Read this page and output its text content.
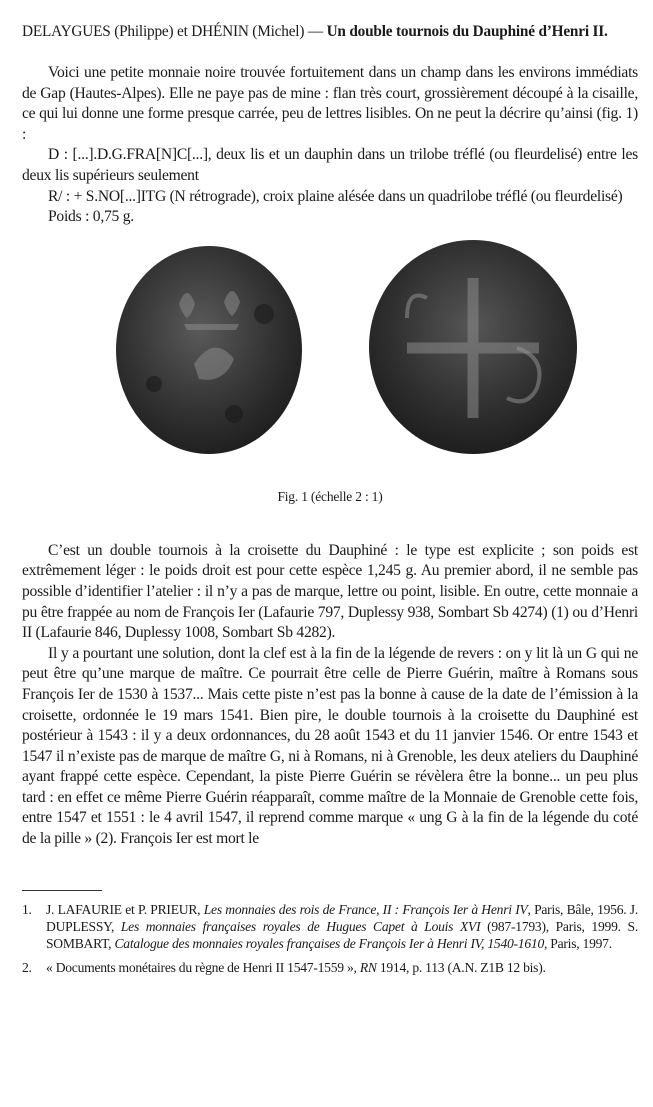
DELAYGUES (Philippe) et DHÉNIN (Michel) — Un double tournois du Dauphiné d’Henri II.

Voici une petite monnaie noire trouvée fortuitement dans un champ dans les environs immédiats de Gap (Hautes-Alpes). Elle ne paye pas de mine : flan très court, grossièrement découpé à la cisaille, ce qui lui donne une forme presque carrée, peu de lettres lisibles. On ne peut la décrire qu’ainsi (fig. 1) :

D : [...].D.G.FRA[N]C[...], deux lis et un dauphin dans un trilobe tréflé (ou fleurdelisé) entre les deux lis supérieurs seulement

R/ : + S.NO[...]ITG (N rétrograde), croix plaine alésée dans un quadrilobe tréflé (ou fleurdelisé)

Poids : 0,75 g.

Fig. 1 (échelle 2 : 1)

C’est un double tournois à la croisette du Dauphiné : le type est explicite ; son poids est extrêmement léger : le poids droit est pour cette espèce 1,245 g. Au premier abord, il ne semble pas possible d’identifier l’atelier : il n’y a pas de marque, lettre ou point, lisible. En outre, cette monnaie a pu être frappée au nom de François Ier (Lafaurie 797, Duplessy 938, Sombart Sb 4274) (1) ou d’Henri II (Lafaurie 846, Duplessy 1008, Sombart Sb 4282).

Il y a pourtant une solution, dont la clef est à la fin de la légende de revers : on y lit là un G qui ne peut être qu’une marque de maître. Ce pourrait être celle de Pierre Guérin, maître à Romans sous François Ier de 1530 à 1537... Mais cette piste n’est pas la bonne à cause de la date de l’émission à la croisette, ordonnée le 19 mars 1541. Bien pire, le double tournois à la croisette du Dauphiné est postérieur à 1543 : il y a deux ordonnances, du 28 août 1543 et du 11 janvier 1546. Or entre 1543 et 1547 il n’existe pas de marque de maître G, ni à Romans, ni à Grenoble, les deux ateliers du Dauphiné ayant frappé cette espèce. Cependant, la piste Pierre Guérin se révèlera être la bonne... un peu plus tard : en effet ce même Pierre Guérin réapparaît, comme maître de la Monnaie de Grenoble cette fois, entre 1547 et 1551 : le 4 avril 1547, il reprend comme marque « ung G à la fin de la légende du coté de la pille » (2). François Ier est mort le

1.	J. LAFAURIE et P. PRIEUR, Les monnaies des rois de France, II : François Ier à Henri IV, Paris, Bâle, 1956. J. DUPLESSY, Les monnaies françaises royales de Hugues Capet à Louis XVI (987-1793), Paris, 1999. S. SOMBART, Catalogue des monnaies royales françaises de François Ier à Henri IV, 1540-1610, Paris, 1997.
2.	« Documents monétaires du règne de Henri II 1547-1559 », RN 1914, p. 113 (A.N. Z1B 12 bis).
